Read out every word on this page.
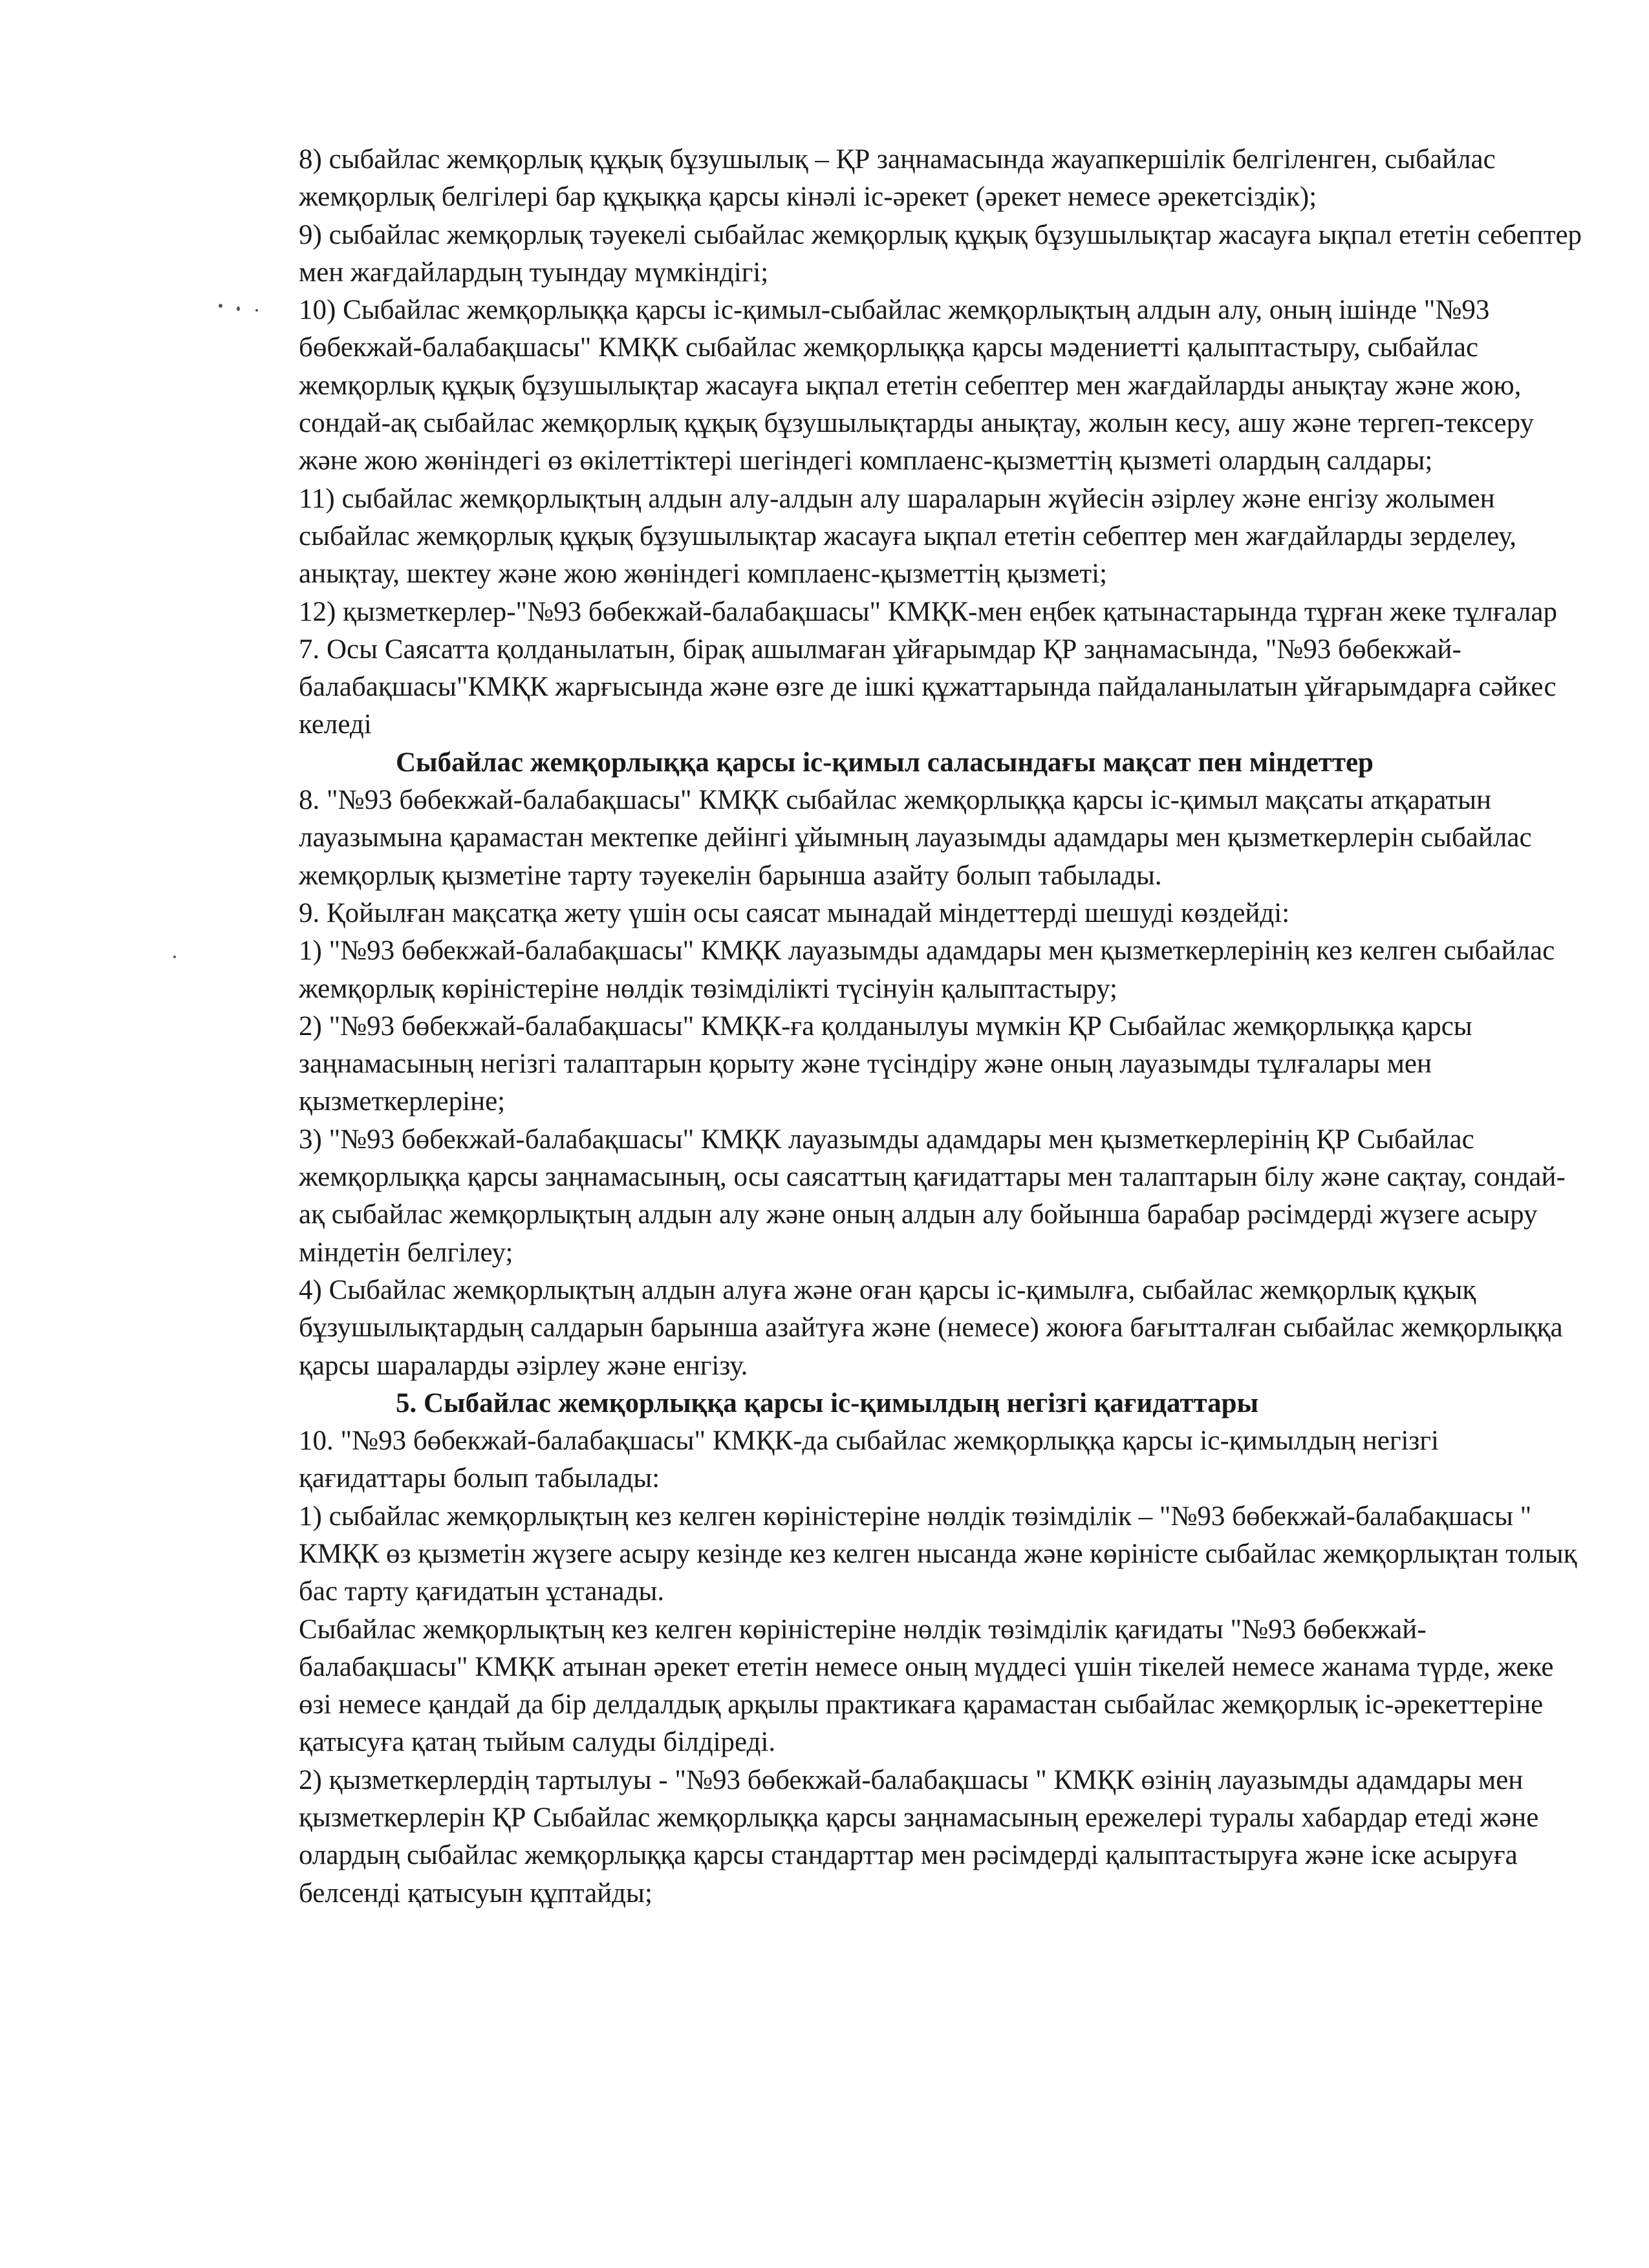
8) сыбайлас жемқорлық құқық бұзушылық – ҚР заңнамасында жауапкершілік белгіленген, сыбайлас жемқорлық белгілері бар құқыққа қарсы кінәлі іс-әрекет (әрекет немесе әрекетсіздік);

9) сыбайлас жемқорлық тәуекелі сыбайлас жемқорлық құқық бұзушылықтар жасауға ықпал ететін себептер мен жағдайлардың туындау мүмкіндігі;

10) Сыбайлас жемқорлыққа қарсы іс-қимыл-сыбайлас жемқорлықтың алдын алу, оның ішінде "№93 бөбекжай-балабақшасы" КМҚК сыбайлас жемқорлыққа қарсы мәдениетті қалыптастыру, сыбайлас жемқорлық құқық бұзушылықтар жасауға ықпал ететін себептер мен жағдайларды анықтау және жою, сондай-ақ сыбайлас жемқорлық құқық бұзушылықтарды анықтау, жолын кесу, ашу және тергеп-тексеру және жою жөніндегі өз өкілеттіктері шегіндегі комплаенс-қызметтің қызметі олардың салдары;

11) сыбайлас жемқорлықтың алдын алу-алдын алу шараларын жүйесін әзірлеу және енгізу жолымен сыбайлас жемқорлық құқық бұзушылықтар жасауға ықпал ететін себептер мен жағдайларды зерделеу, анықтау, шектеу және жою жөніндегі комплаенс-қызметтің қызметі;

12) қызметкерлер-"№93 бөбекжай-балабақшасы" КМҚК-мен еңбек қатынастарында тұрған жеке тұлғалар

7. Осы Саясатта қолданылатын, бірақ ашылмаған ұйғарымдар ҚР заңнамасында, "№93 бөбекжай-балабақшасы"КМҚК жарғысында және өзге де ішкі құжаттарында пайдаланылатын ұйғарымдарға сәйкес келеді

Сыбайлас жемқорлыққа қарсы іс-қимыл саласындағы мақсат пен міндеттер

8. "№93 бөбекжай-балабақшасы" КМҚК сыбайлас жемқорлыққа қарсы іс-қимыл мақсаты атқаратын лауазымына қарамастан мектепке дейінгі ұйымның лауазымды адамдары мен қызметкерлерін сыбайлас жемқорлық қызметіне тарту тәуекелін барынша азайту болып табылады.

9. Қойылған мақсатқа жету үшін осы саясат мынадай міндеттерді шешуді көздейді:

1) "№93 бөбекжай-балабақшасы" КМҚК лауазымды адамдары мен қызметкерлерінің кез келген сыбайлас жемқорлық көріністеріне нөлдік төзімділікті түсінуін қалыптастыру;

2) "№93 бөбекжай-балабақшасы" КМҚК-ға қолданылуы мүмкін ҚР Сыбайлас жемқорлыққа қарсы заңнамасының негізгі талаптарын қорыту және түсіндіру және оның лауазымды тұлғалары мен қызметкерлеріне;

3) "№93 бөбекжай-балабақшасы" КМҚК лауазымды адамдары мен қызметкерлерінің ҚР Сыбайлас жемқорлыққа қарсы заңнамасының, осы саясаттың қағидаттары мен талаптарын білу және сақтау, сондай-ақ сыбайлас жемқорлықтың алдын алу және оның алдын алу бойынша барабар рәсімдерді жүзеге асыру міндетін белгілеу;

4) Сыбайлас жемқорлықтың алдын алуға және оған қарсы іс-қимылға, сыбайлас жемқорлық құқық бұзушылықтардың салдарын барынша азайтуға және (немесе) жоюға бағытталған сыбайлас жемқорлыққа қарсы шараларды әзірлеу және енгізу.

5. Сыбайлас жемқорлыққа қарсы іс-қимылдың негізгі қағидаттары

10. "№93 бөбекжай-балабақшасы" КМҚК-да сыбайлас жемқорлыққа қарсы іс-қимылдың негізгі қағидаттары болып табылады:

1) сыбайлас жемқорлықтың кез келген көріністеріне нөлдік төзімділік – "№93 бөбекжай-балабақшасы " КМҚК өз қызметін жүзеге асыру кезінде кез келген нысанда және көріністе сыбайлас жемқорлықтан толық бас тарту қағидатын ұстанады.

Сыбайлас жемқорлықтың кез келген көріністеріне нөлдік төзімділік қағидаты "№93 бөбекжай-балабақшасы" КМҚК атынан әрекет ететін немесе оның мүддесі үшін тікелей немесе жанама түрде, жеке өзі немесе қандай да бір делдалдық арқылы практикаға қарамастан сыбайлас жемқорлық іс-әрекеттеріне қатысуға қатаң тыйым салуды білдіреді.

2) қызметкерлердің тартылуы - "№93 бөбекжай-балабақшасы " КМҚК өзінің лауазымды адамдары мен қызметкерлерін ҚР Сыбайлас жемқорлыққа қарсы заңнамасының ережелері туралы хабардар етеді және олардың сыбайлас жемқорлыққа қарсы стандарттар мен рәсімдерді қалыптастыруға және іске асыруға белсенді қатысуын құптайды;
